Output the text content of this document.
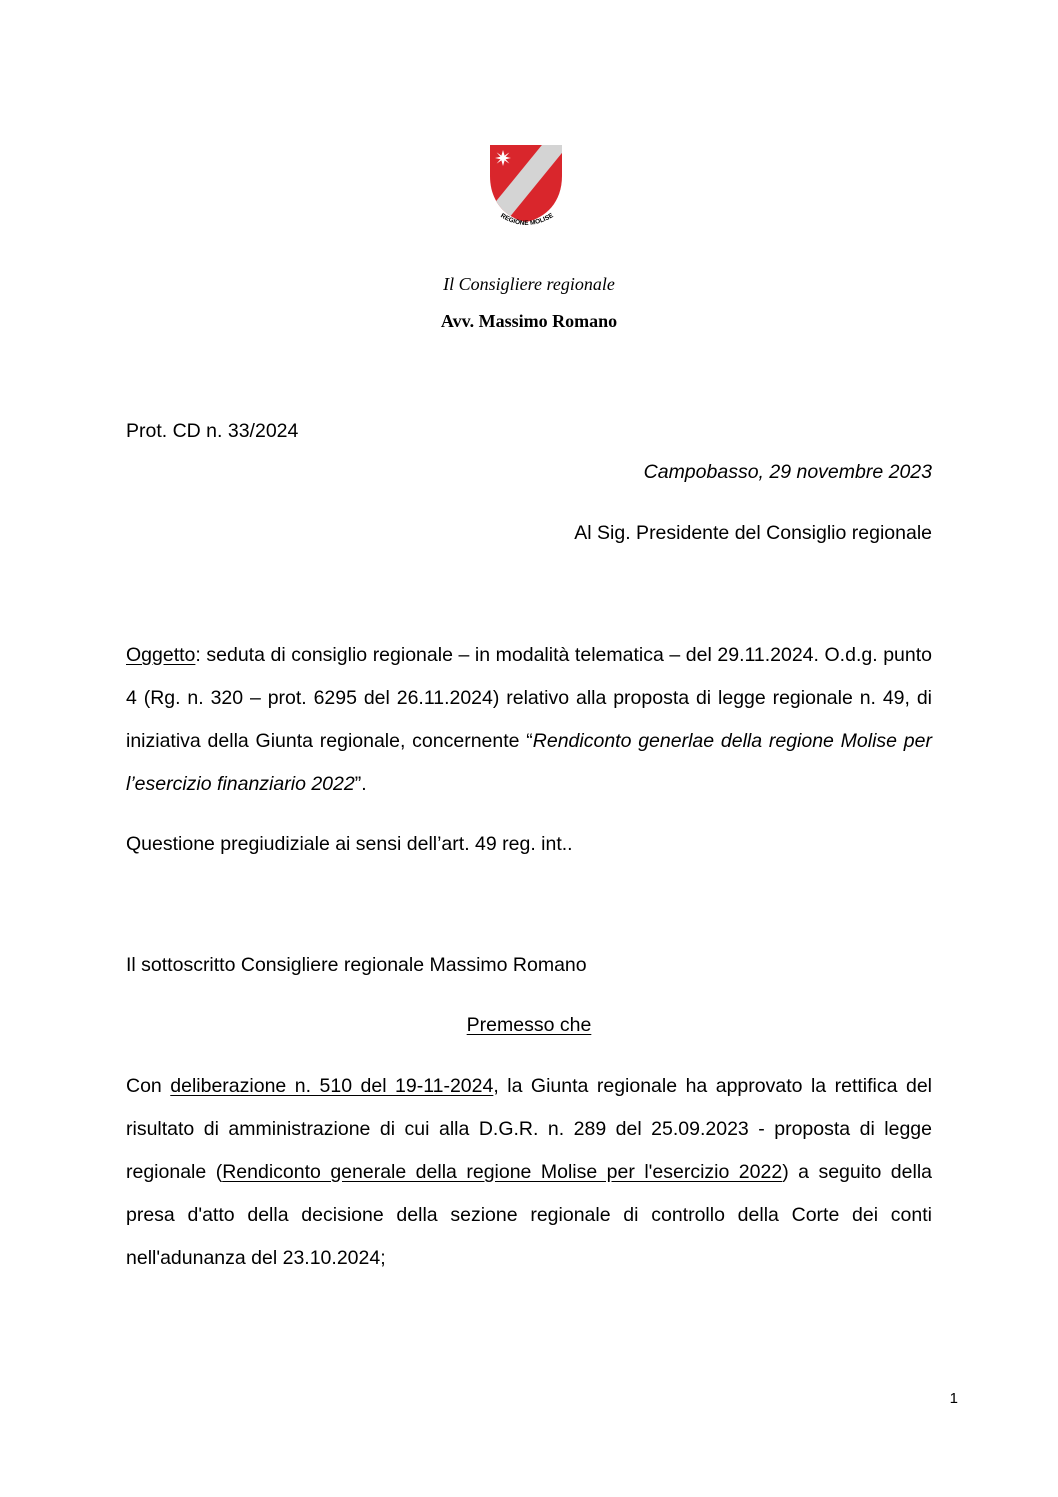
REGIONE MOLISE
Il Consigliere regionale
Avv. Massimo Romano
Prot. CD n. 33/2024
Campobasso, 29 novembre 2023
Al Sig. Presidente del Consiglio regionale
Oggetto: seduta di consiglio regionale – in modalità telematica – del 29.11.2024. O.d.g. punto 4 (Rg. n. 320 – prot. 6295 del 26.11.2024) relativo alla proposta di legge regionale n. 49, di iniziativa della Giunta regionale, concernente “Rendiconto generlae della regione Molise per l’esercizio finanziario 2022”.
Questione pregiudiziale ai sensi dell’art. 49 reg. int..
Il sottoscritto Consigliere regionale Massimo Romano
Premesso che
Con deliberazione n. 510 del 19-11-2024, la Giunta regionale ha approvato la rettifica del risultato di amministrazione di cui alla D.G.R. n. 289 del 25.09.2023 - proposta di legge regionale (Rendiconto generale della regione Molise per l'esercizio 2022) a seguito della presa d'atto della decisione della sezione regionale di controllo della Corte dei conti nell'adunanza del 23.10.2024;
1
